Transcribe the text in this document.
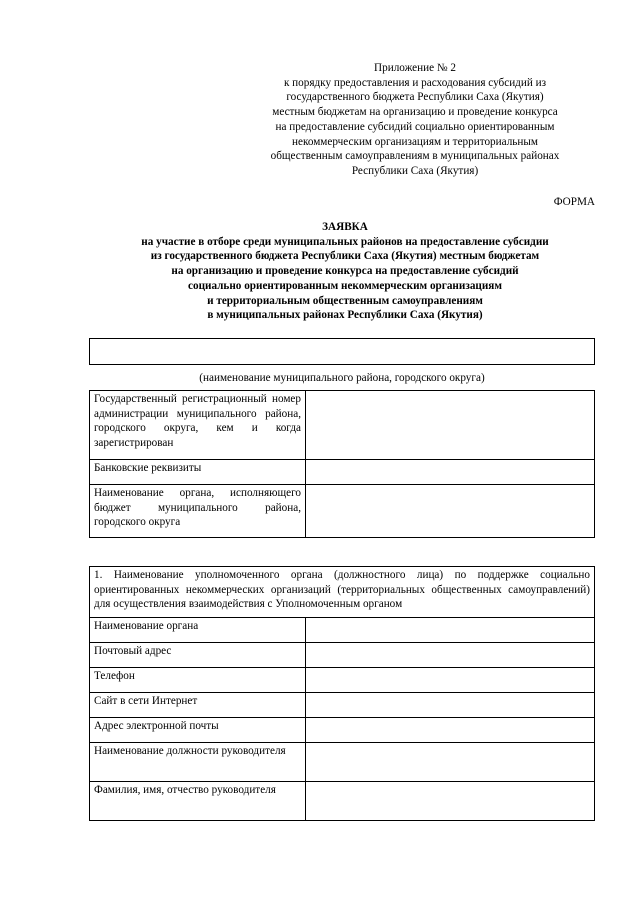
Приложение № 2
к порядку предоставления и расходования субсидий из
государственного бюджета Республики Саха (Якутия)
местным бюджетам на организацию и проведение конкурса
на предоставление субсидий социально ориентированным
некоммерческим организациям и территориальным
общественным самоуправлениям в муниципальных районах
Республики Саха (Якутия)
ФОРМА
ЗАЯВКА
на участие в отборе среди муниципальных районов на предоставление субсидии
из государственного бюджета Республики Саха (Якутия) местным бюджетам
на организацию и проведение конкурса на предоставление субсидий
социально ориентированным некоммерческим организациям
и территориальным общественным самоуправлениям
в муниципальных районах Республики Саха (Якутия)
(наименование муниципального района, городского округа)
Государственный регистрационный номер администрации муниципального района, городского округа, кем и когда зарегистрирован	
Банковские реквизиты	
Наименование органа, исполняющего бюджет муниципального района, городского округа	
1. Наименование уполномоченного органа (должностного лица) по поддержке социально ориентированных некоммерческих организаций (территориальных общественных самоуправлений) для осуществления взаимодействия с Уполномоченным органом	
Наименование органа	
Почтовый адрес	
Телефон	
Сайт в сети Интернет	
Адрес электронной почты	
Наименование должности руководителя	
Фамилия, имя, отчество руководителя	
